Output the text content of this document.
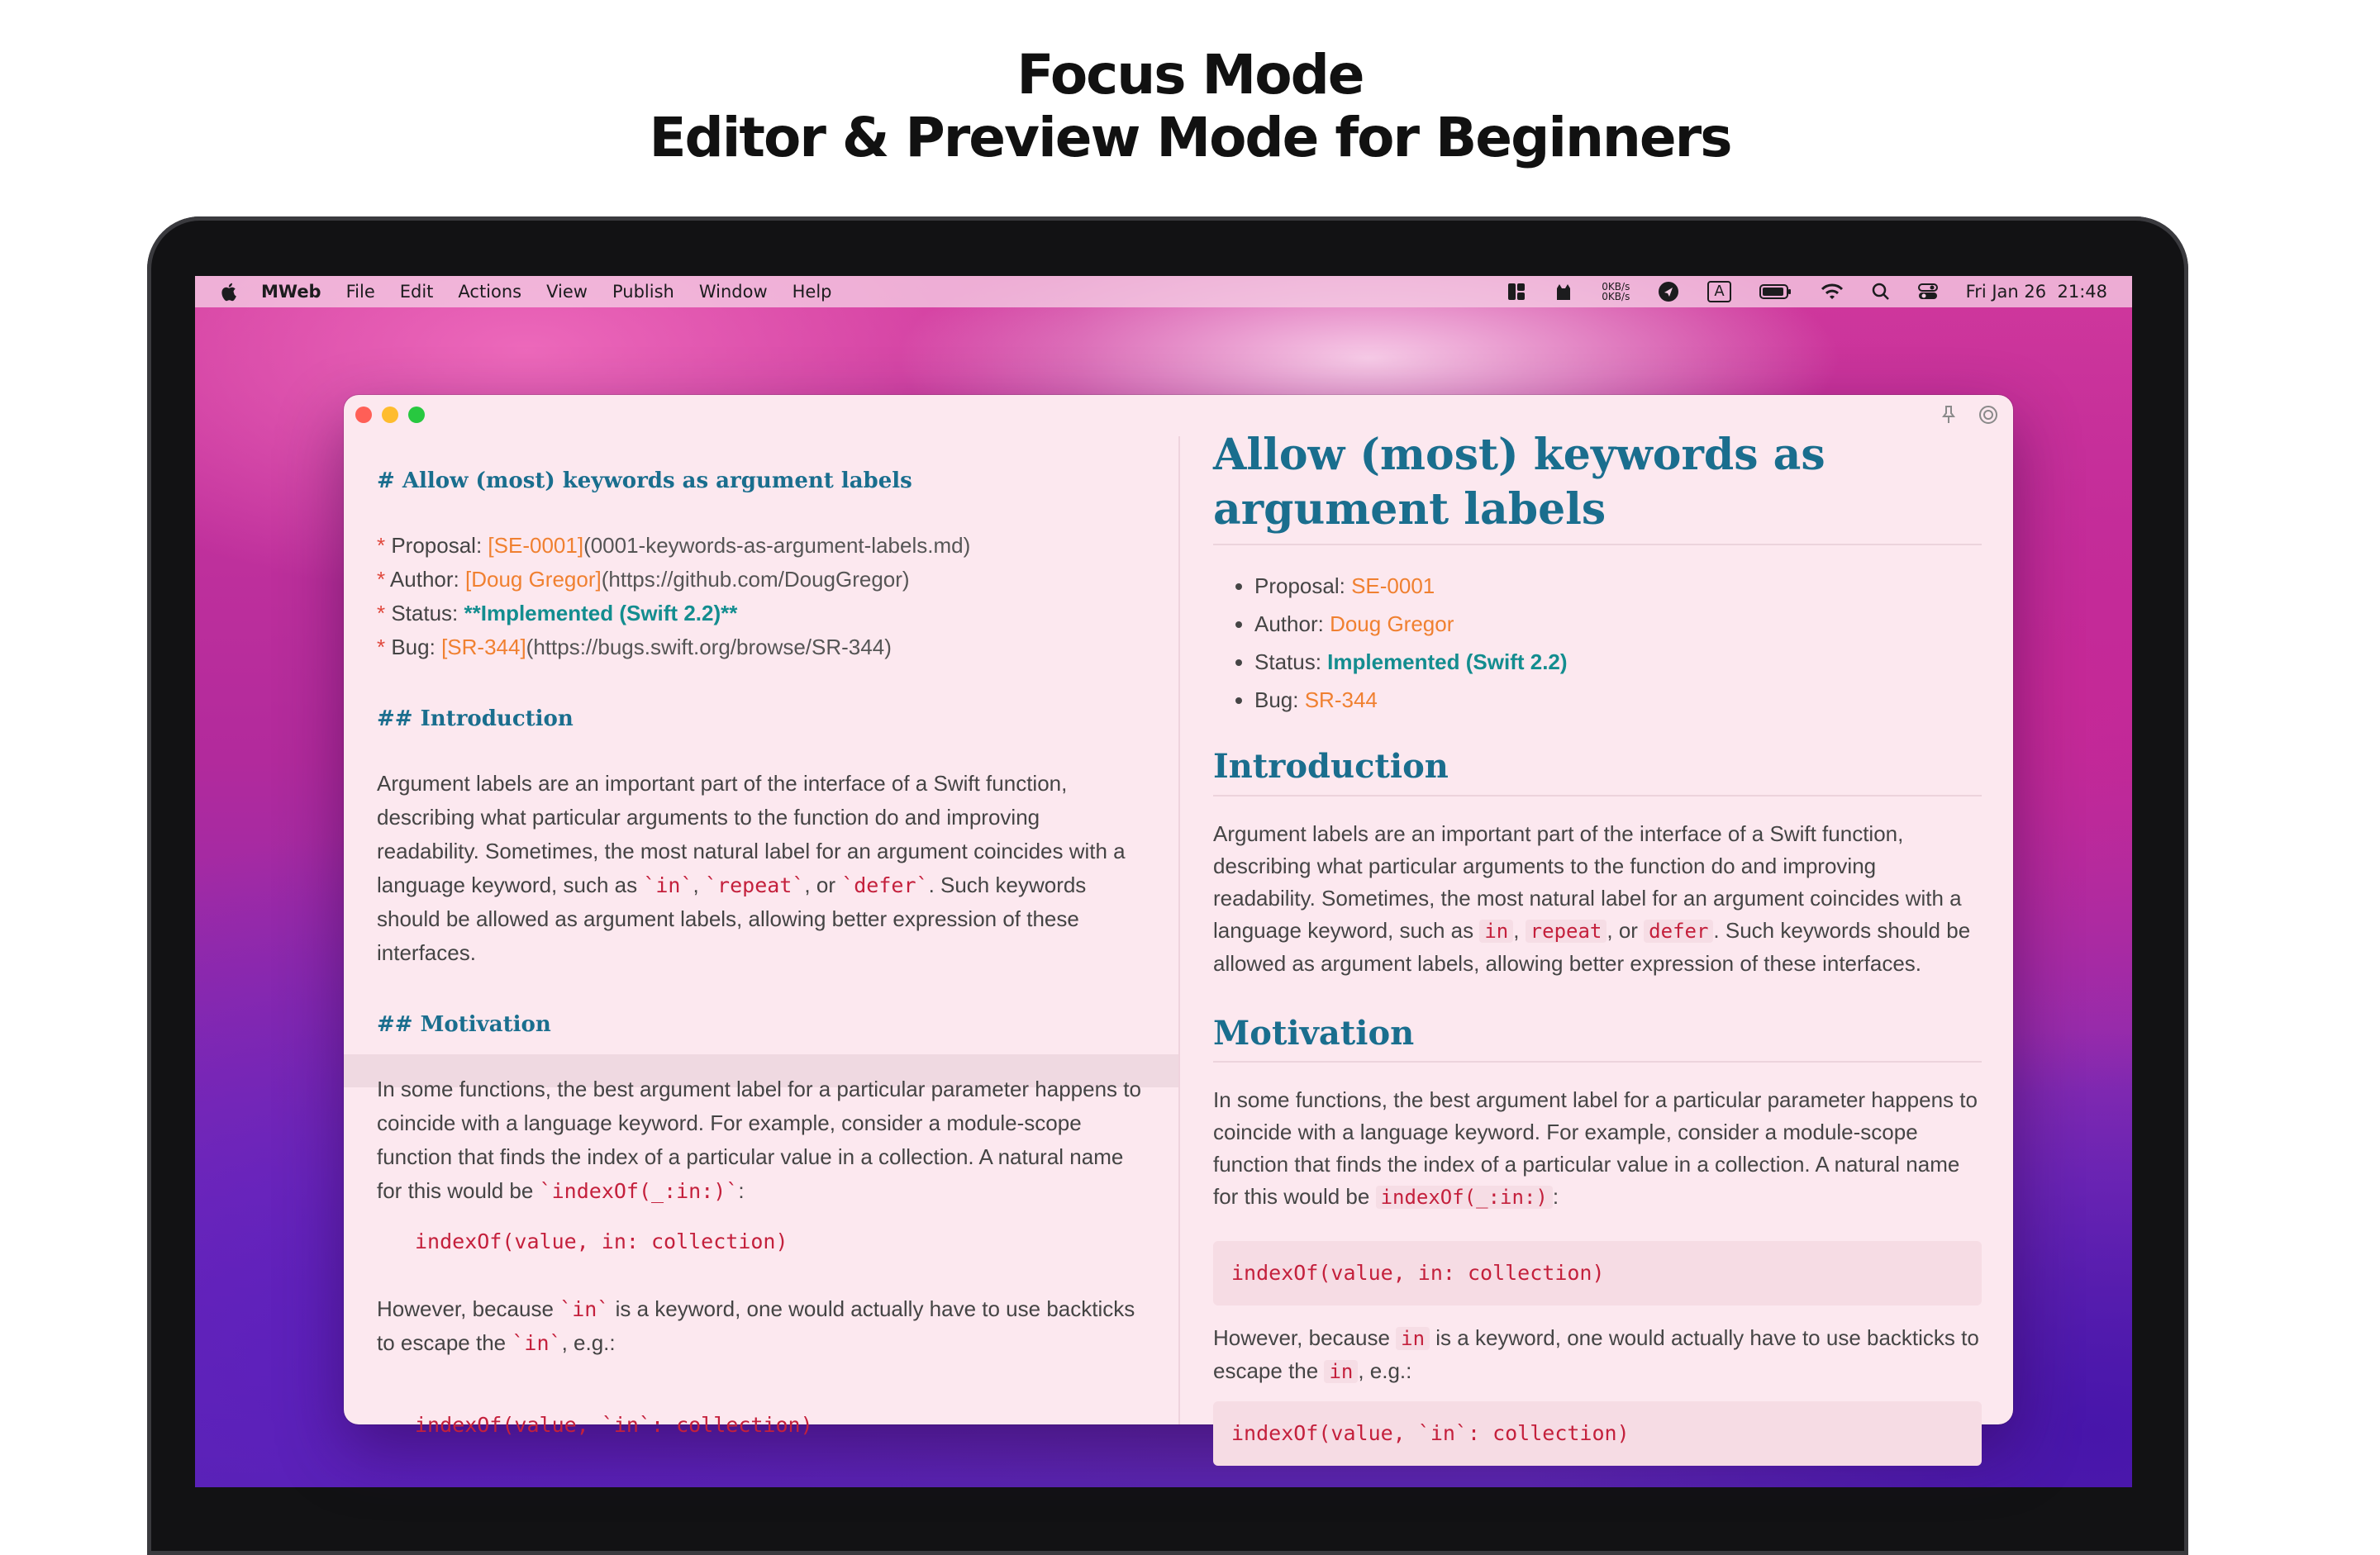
Focus Mode
Editor & Preview Mode for Beginners
MWeb File Edit Actions View Publish Window Help	0KB/s
0KB/s	A	Fri Jan 26  21:48
# Allow (most) keywords as argument labels
* Proposal: [SE-0001](0001-keywords-as-argument-labels.md)
* Author: [Doug Gregor](https://github.com/DougGregor)
* Status: **Implemented (Swift 2.2)**
* Bug: [SR-344](https://bugs.swift.org/browse/SR-344)
## Introduction

Argument labels are an important part of the interface of a Swift function, describing what particular arguments to the function do and improving readability. Sometimes, the most natural label for an argument coincides with a language keyword, such as `in`, `repeat`, or `defer`. Such keywords should be allowed as argument labels, allowing better expression of these interfaces.

## Motivation

In some functions, the best argument label for a particular parameter happens to coincide with a language keyword. For example, consider a module-scope function that finds the index of a particular value in a collection. A natural name for this would be `indexOf(_:in:)`:

indexOf(value, in: collection)

However, because `in` is a keyword, one would actually have to use backticks to escape the `in`, e.g.:

indexOf(value, `in`: collection)
Allow (most) keywords as argument labels
• Proposal: SE-0001
• Author: Doug Gregor
• Status: Implemented (Swift 2.2)
• Bug: SR-344
Introduction

Argument labels are an important part of the interface of a Swift function, describing what particular arguments to the function do and improving readability. Sometimes, the most natural label for an argument coincides with a language keyword, such as in , repeat , or defer . Such keywords should be allowed as argument labels, allowing better expression of these interfaces.

Motivation

In some functions, the best argument label for a particular parameter happens to coincide with a language keyword. For example, consider a module-scope function that finds the index of a particular value in a collection. A natural name for this would be indexOf(_:in:) :

indexOf(value, in: collection)

However, because in is a keyword, one would actually have to use backticks to escape the in , e.g.:

indexOf(value, `in`: collection)
